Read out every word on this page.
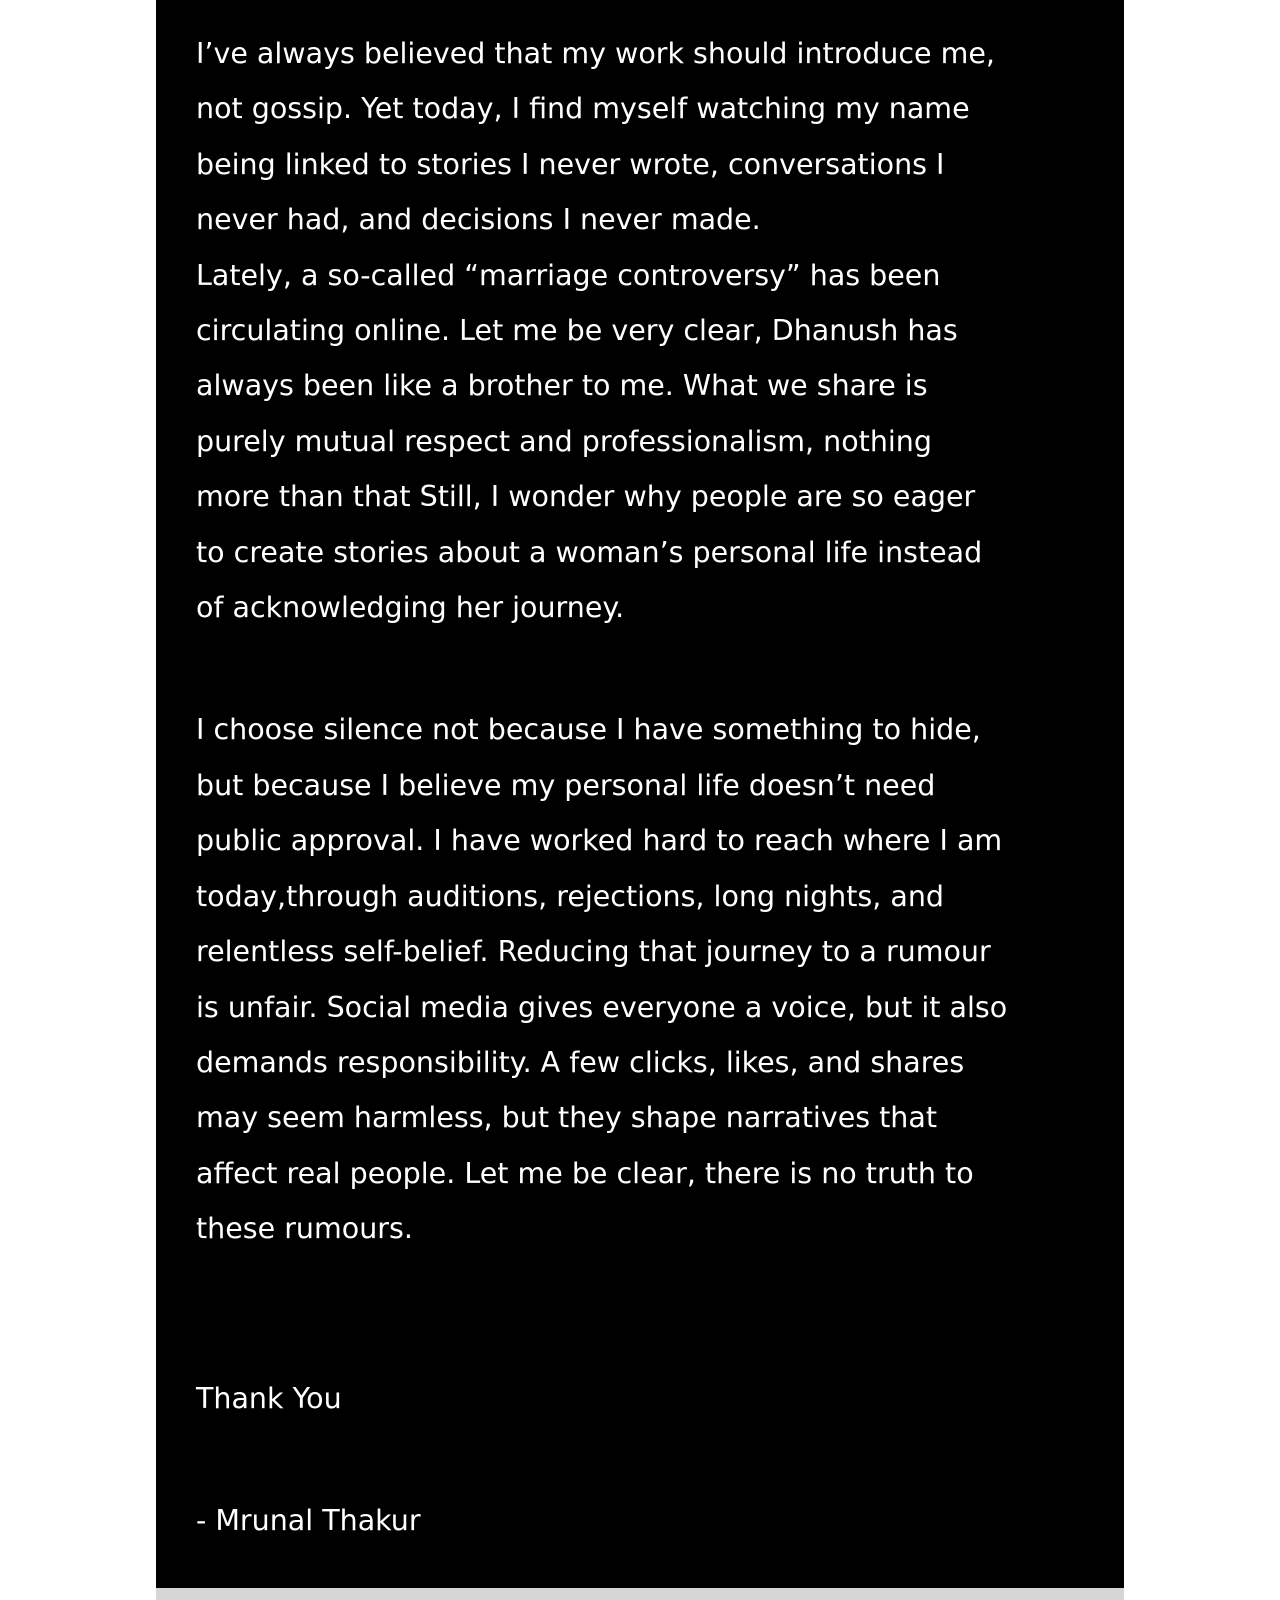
I’ve always believed that my work should introduce me,
not gossip. Yet today, I find myself watching my name
being linked to stories I never wrote, conversations I
never had, and decisions I never made.
Lately, a so-called “marriage controversy” has been
circulating online. Let me be very clear, Dhanush has
always been like a brother to me. What we share is
purely mutual respect and professionalism, nothing
more than that Still, I wonder why people are so eager
to create stories about a woman’s personal life instead
of acknowledging her journey.

I choose silence not because I have something to hide,
but because I believe my personal life doesn’t need
public approval. I have worked hard to reach where I am
today,through auditions, rejections, long nights, and
relentless self-belief. Reducing that journey to a rumour
is unfair. Social media gives everyone a voice, but it also
demands responsibility. A few clicks, likes, and shares
may seem harmless, but they shape narratives that
affect real people. Let me be clear, there is no truth to
these rumours.

Thank You

- Mrunal Thakur
